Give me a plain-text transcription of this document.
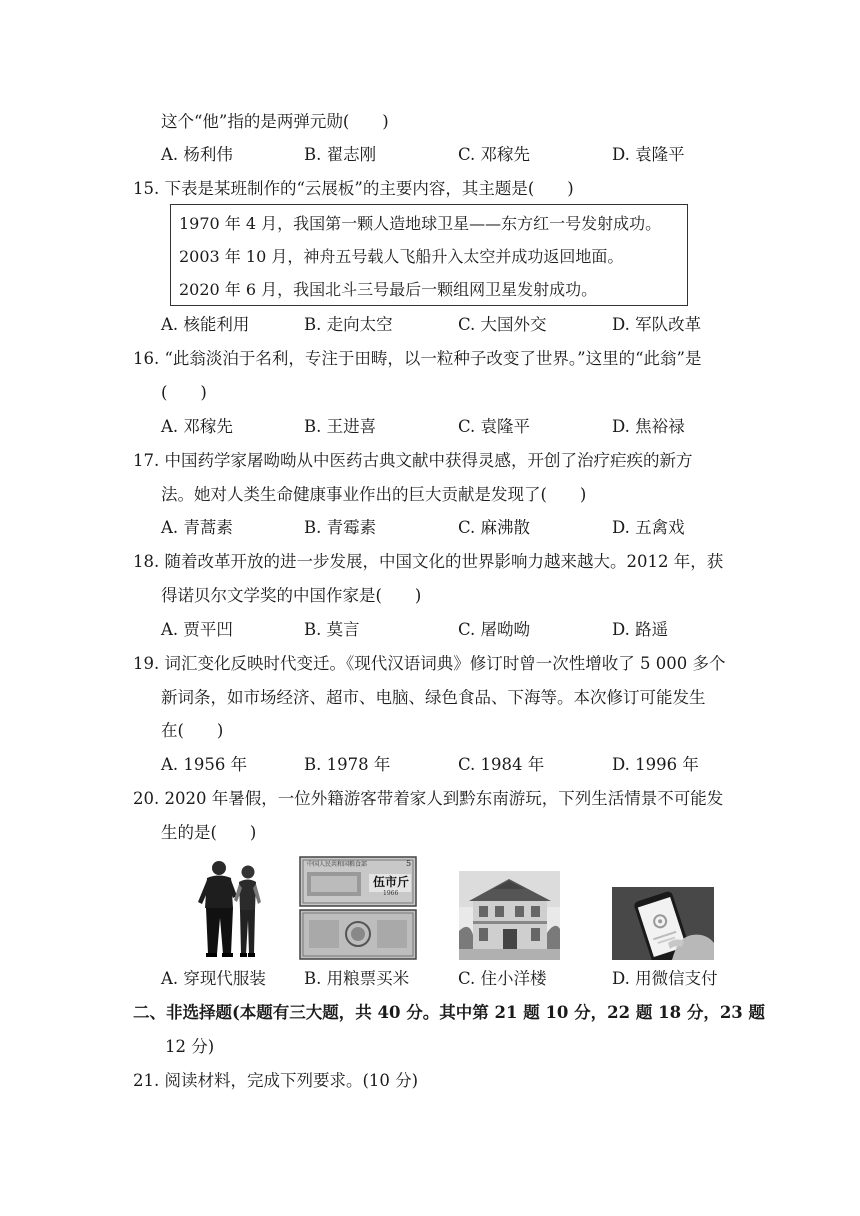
这个“他”指的是两弹元勋(　　)
A. 杨利伟	B. 翟志刚	C. 邓稼先	D. 袁隆平
15. 下表是某班制作的“云展板”的主要内容，其主题是(　　)
1970 年 4 月，我国第一颗人造地球卫星——东方红一号发射成功。
2003 年 10 月，神舟五号载人飞船升入太空并成功返回地面。
2020 年 6 月，我国北斗三号最后一颗组网卫星发射成功。
A. 核能利用	B. 走向太空	C. 大国外交	D. 军队改革
16. “此翁淡泊于名利，专注于田畴，以一粒种子改变了世界。”这里的“此翁”是
(　　)
A. 邓稼先	B. 王进喜	C. 袁隆平	D. 焦裕禄
17. 中国药学家屠呦呦从中医药古典文献中获得灵感，开创了治疗疟疾的新方
法。她对人类生命健康事业作出的巨大贡献是发现了(　　)
A. 青蒿素	B. 青霉素	C. 麻沸散	D. 五禽戏
18. 随着改革开放的进一步发展，中国文化的世界影响力越来越大。2012 年，获
得诺贝尔文学奖的中国作家是(　　)
A. 贾平凹	B. 莫言	C. 屠呦呦	D. 路遥
19. 词汇变化反映时代变迁。《现代汉语词典》修订时曾一次性增收了 5 000 多个
新词条，如市场经济、超市、电脑、绿色食品、下海等。本次修订可能发生
在(　　)
A. 1956 年	B. 1978 年	C. 1984 年	D. 1996 年
20. 2020 年暑假，一位外籍游客带着家人到黔东南游玩，下列生活情景不可能发
生的是(　　)
中国人民共和国粮食部	5
伍市斤
1966
A. 穿现代服装 B. 用粮票买米	C. 住小洋楼	D. 用微信支付
二、非选择题(本题有三大题，共 40 分。其中第 21 题 10 分，22 题 18 分，23 题
12 分)
21. 阅读材料，完成下列要求。(10 分)
